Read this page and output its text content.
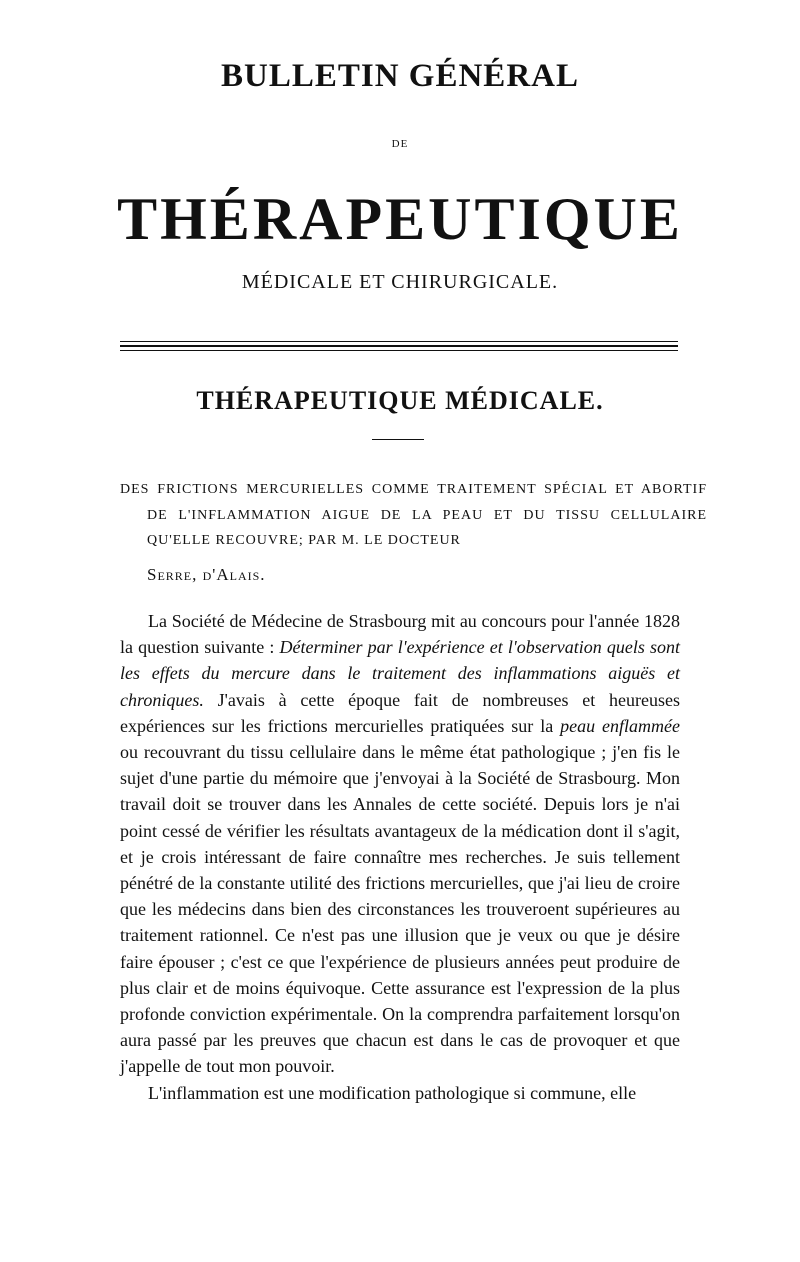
BULLETIN GÉNÉRAL
DE
THÉRAPEUTIQUE
MÉDICALE ET CHIRURGICALE.
THÉRAPEUTIQUE MÉDICALE.
DES FRICTIONS MERCURIELLES COMME TRAITEMENT SPÉCIAL ET ABORTIF DE L'INFLAMMATION AIGUE DE LA PEAU ET DU TISSU CELLULAIRE QU'ELLE RECOUVRE; PAR M. LE DOCTEUR
Serre, d'Alais.

La Société de Médecine de Strasbourg mit au concours pour l'année 1828 la question suivante : Déterminer par l'expérience et l'observation quels sont les effets du mercure dans le traitement des inflammations aiguës et chroniques. J'avais à cette époque fait de nombreuses et heureuses expériences sur les frictions mercurielles pratiquées sur la peau enflammée ou recouvrant du tissu cellulaire dans le même état pathologique ; j'en fis le sujet d'une partie du mémoire que j'envoyai à la Société de Strasbourg. Mon travail doit se trouver dans les Annales de cette société. Depuis lors je n'ai point cessé de vérifier les résultats avantageux de la médication dont il s'agit, et je crois intéressant de faire connaître mes recherches. Je suis tellement pénétré de la constante utilité des frictions mercurielles, que j'ai lieu de croire que les médecins dans bien des circonstances les trouveroent supérieures au traitement rationnel. Ce n'est pas une illusion que je veux ou que je désire faire épouser ; c'est ce que l'expérience de plusieurs années peut produire de plus clair et de moins équivoque. Cette assurance est l'expression de la plus profonde conviction expérimentale. On la comprendra parfaitement lorsqu'on aura passé par les preuves que chacun est dans le cas de provoquer et que j'appelle de tout mon pouvoir.

L'inflammation est une modification pathologique si commune, elle
